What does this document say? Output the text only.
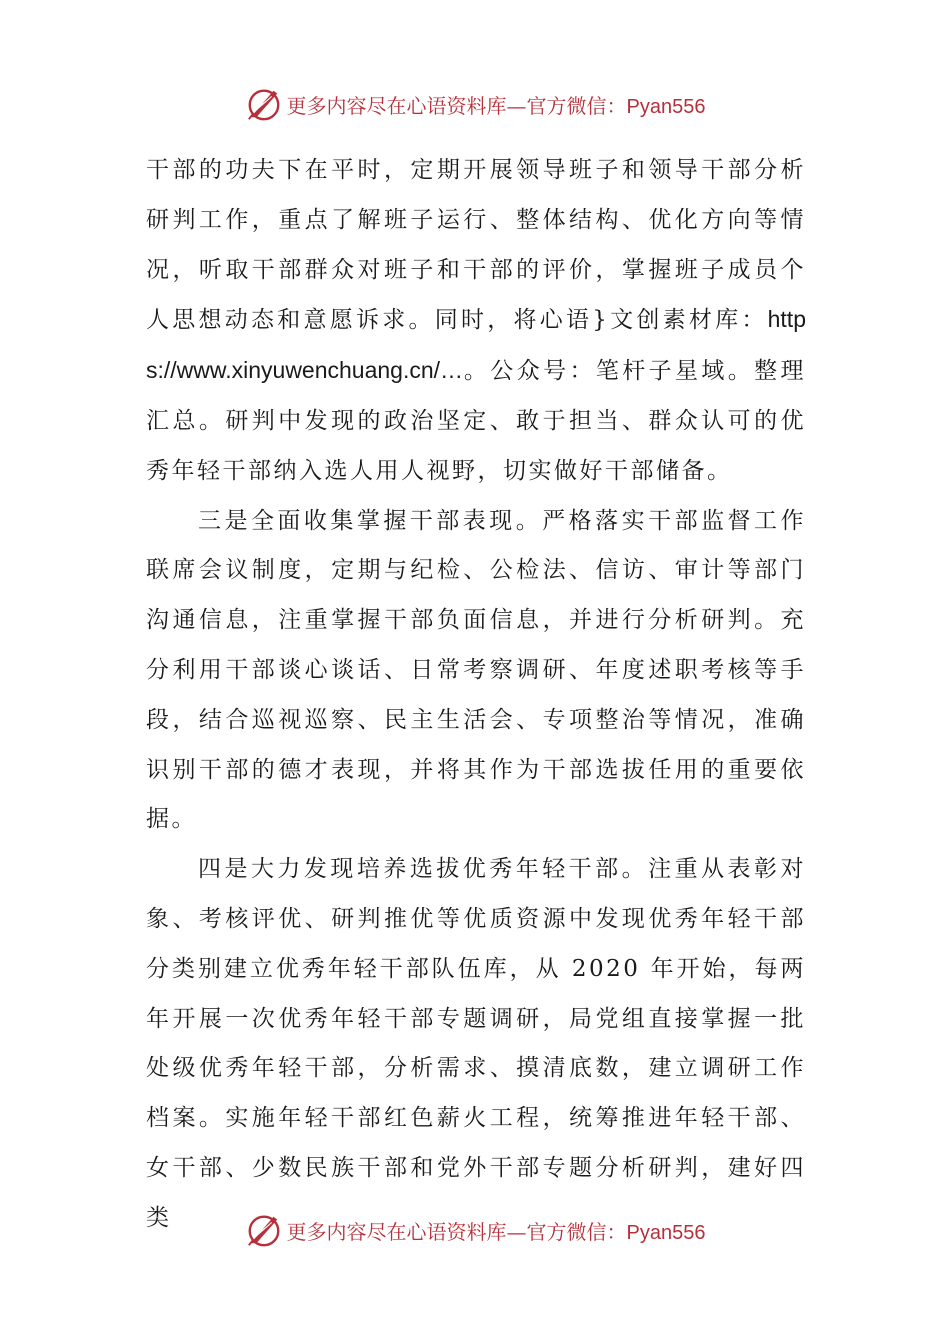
更多内容尽在心语资料库—官方微信：Pyan556

干部的功夫下在平时，定期开展领导班子和领导干部分析研判工作，重点了解班子运行、整体结构、优化方向等情况，听取干部群众对班子和干部的评价，掌握班子成员个人思想动态和意愿诉求。同时，将心语}文创素材库：https://www.xinyuwenchuang.cn/…。公众号：笔杆子星域。整理汇总。研判中发现的政治坚定、敢于担当、群众认可的优秀年轻干部纳入选人用人视野，切实做好干部储备。

三是全面收集掌握干部表现。严格落实干部监督工作联席会议制度，定期与纪检、公检法、信访、审计等部门沟通信息，注重掌握干部负面信息，并进行分析研判。充分利用干部谈心谈话、日常考察调研、年度述职考核等手段，结合巡视巡察、民主生活会、专项整治等情况，准确识别干部的德才表现，并将其作为干部选拔任用的重要依据。

四是大力发现培养选拔优秀年轻干部。注重从表彰对象、考核评优、研判推优等优质资源中发现优秀年轻干部分类别建立优秀年轻干部队伍库，从 2020 年开始，每两年开展一次优秀年轻干部专题调研，局党组直接掌握一批处级优秀年轻干部，分析需求、摸清底数，建立调研工作档案。实施年轻干部红色薪火工程，统筹推进年轻干部、女干部、少数民族干部和党外干部专题分析研判，建好四类

更多内容尽在心语资料库—官方微信：Pyan556
